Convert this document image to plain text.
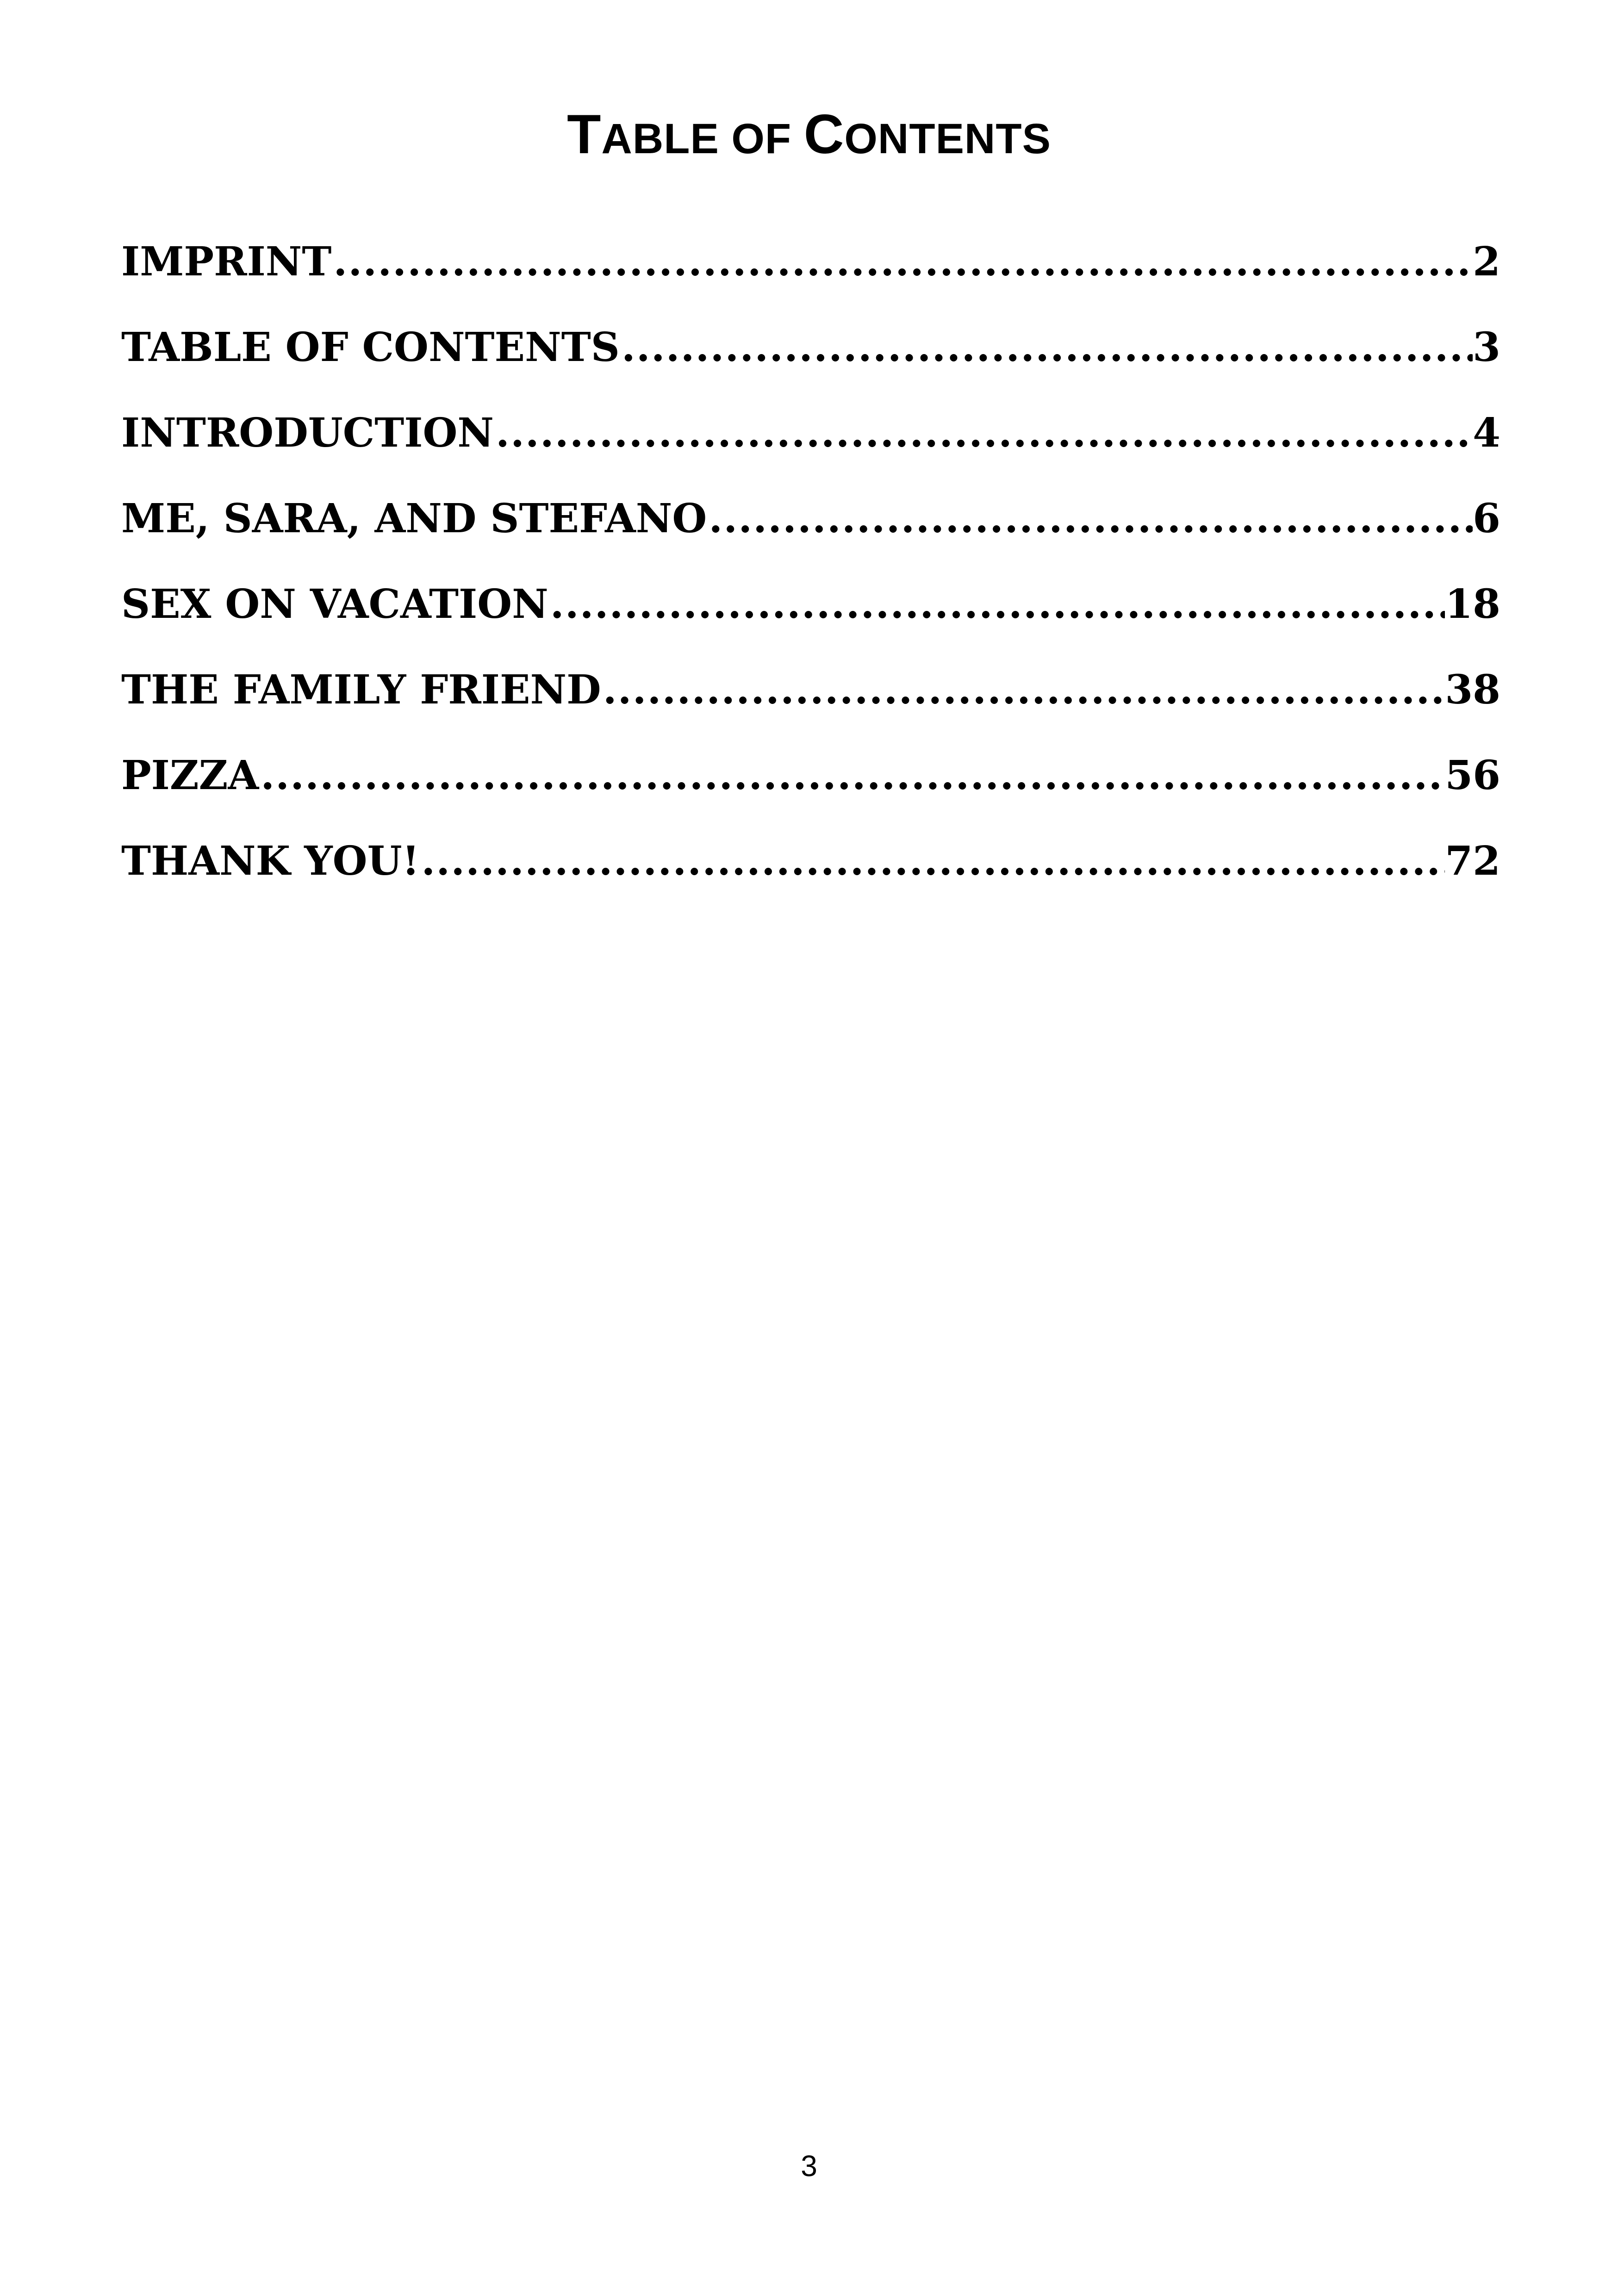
TABLE OF CONTENTS
IMPRINT .....	2
TABLE OF CONTENTS .....	3
INTRODUCTION .....	4
ME, SARA, AND STEFANO .....	6
SEX ON VACATION .....	18
THE FAMILY FRIEND .....	38
PIZZA .....	56
THANK YOU! .....	72
3
